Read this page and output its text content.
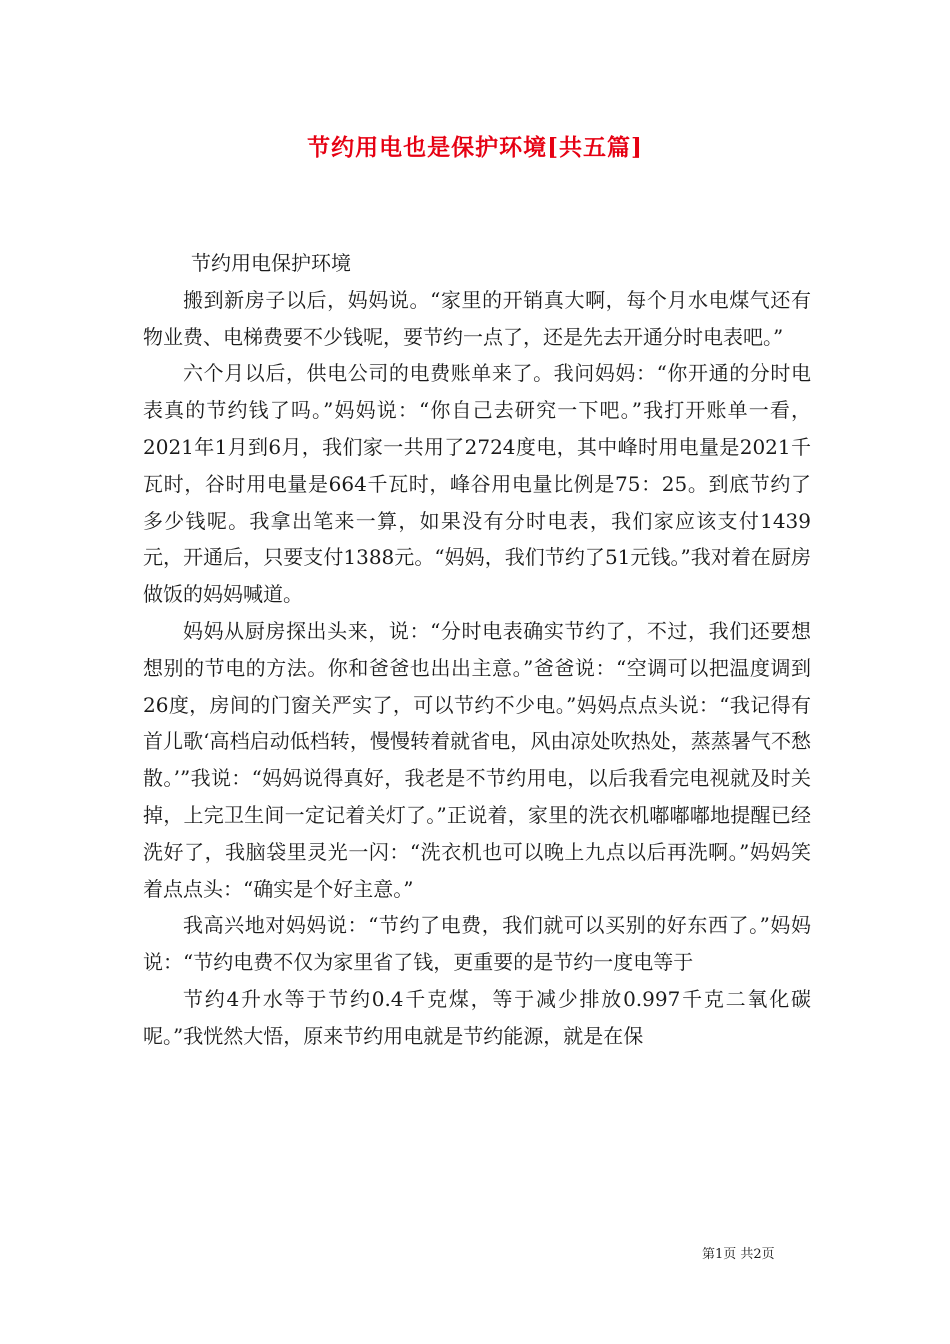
节约用电也是保护环境[共五篇]

节约用电保护环境

搬到新房子以后，妈妈说。“家里的开销真大啊，每个月水电煤气还有物业费、电梯费要不少钱呢，要节约一点了，还是先去开通分时电表吧。”

六个月以后，供电公司的电费账单来了。我问妈妈：“你开通的分时电表真的节约钱了吗。”妈妈说：“你自己去研究一下吧。”我打开账单一看，2021年1月到6月，我们家一共用了2724度电，其中峰时用电量是2021千瓦时，谷时用电量是664千瓦时，峰谷用电量比例是75：25。到底节约了多少钱呢。我拿出笔来一算，如果没有分时电表，我们家应该支付1439元，开通后，只要支付1388元。“妈妈，我们节约了51元钱。”我对着在厨房做饭的妈妈喊道。

妈妈从厨房探出头来，说：“分时电表确实节约了，不过，我们还要想想别的节电的方法。你和爸爸也出出主意。”爸爸说：“空调可以把温度调到26度，房间的门窗关严实了，可以节约不少电。”妈妈点点头说：“我记得有首儿歌‘高档启动低档转，慢慢转着就省电，风由凉处吹热处，蒸蒸暑气不愁散。’”我说：“妈妈说得真好，我老是不节约用电，以后我看完电视就及时关掉，上完卫生间一定记着关灯了。”正说着，家里的洗衣机嘟嘟嘟地提醒已经洗好了，我脑袋里灵光一闪：“洗衣机也可以晚上九点以后再洗啊。”妈妈笑着点点头：“确实是个好主意。”

我高兴地对妈妈说：“节约了电费，我们就可以买别的好东西了。”妈妈说：“节约电费不仅为家里省了钱，更重要的是节约一度电等于

节约4升水等于节约0.4千克煤，等于减少排放0.997千克二氧化碳呢。”我恍然大悟，原来节约用电就是节约能源，就是在保

第1页 共2页
